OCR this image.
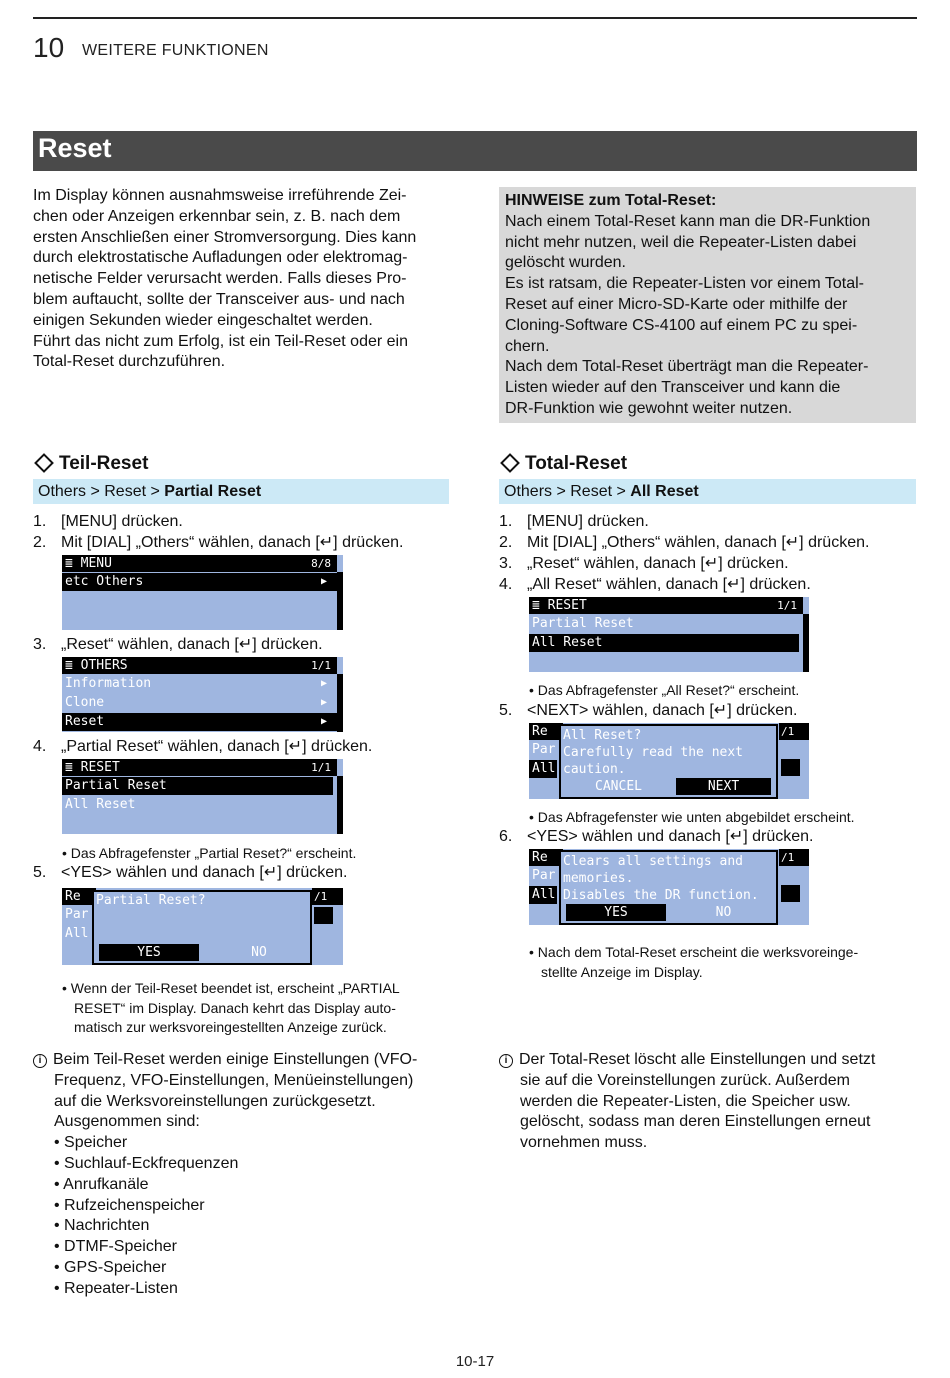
10 WEITERE FUNKTIONEN
Reset
Im Display können ausnahmsweise irreführende Zei-
chen oder Anzeigen erkennbar sein, z. B. nach dem
ersten Anschließen einer Stromversorgung. Dies kann
durch elektrostatische Aufladungen oder elektromag-
netische Felder verursacht werden. Falls dieses Pro-
blem auftaucht, sollte der Transceiver aus- und nach
einigen Sekunden wieder eingeschaltet werden.
Führt das nicht zum Erfolg, ist ein Teil-Reset oder ein
Total-Reset durchzuführen.
HINWEISE zum Total-Reset:
Nach einem Total-Reset kann man die DR-Funktion
nicht mehr nutzen, weil die Repeater-Listen dabei
gelöscht wurden.
Es ist ratsam, die Repeater-Listen vor einem Total-
Reset auf einer Micro-SD-Karte oder mithilfe der
Cloning-Software CS-4100 auf einem PC zu spei-
chern.
Nach dem Total-Reset überträgt man die Repeater-
Listen wieder auf den Transceiver und kann die
DR-Funktion wie gewohnt weiter nutzen.
Teil-Reset
Others > Reset > Partial Reset
1. [MENU] drücken.
2. Mit [DIAL] „Others“ wählen, danach [↵] drücken.
≣ MENU	8/8
etc Others	▶
3. „Reset“ wählen, danach [↵] drücken.
≣ OTHERS	1/1
Information	▶
Clone	▶
Reset	▶
4. „Partial Reset“ wählen, danach [↵] drücken.
≣ RESET	1/1
Partial Reset
All Reset
• Das Abfragefenster „Partial Reset?“ erscheint.
5. <YES> wählen und danach [↵] drücken.
Re
Par
All
/1
Partial Reset?
YES	NO
• Wenn der Teil-Reset beendet ist, erscheint „PARTIAL
RESET“ im Display. Danach kehrt das Display auto-
matisch zur werksvoreingestellten Anzeige zurück.
i Beim Teil-Reset werden einige Einstellungen (VFO-
Frequenz, VFO-Einstellungen, Menüeinstellungen)
auf die Werksvoreinstellungen zurückgesetzt.
Ausgenommen sind:
• Speicher
• Suchlauf-Eckfrequenzen
• Anrufkanäle
• Rufzeichenspeicher
• Nachrichten
• DTMF-Speicher
• GPS-Speicher
• Repeater-Listen
Total-Reset
Others > Reset > All Reset
1. [MENU] drücken.
2. Mit [DIAL] „Others“ wählen, danach [↵] drücken.
3. „Reset“ wählen, danach [↵] drücken.
4. „All Reset“ wählen, danach [↵] drücken.
≣ RESET	1/1
Partial Reset
All Reset
• Das Abfragefenster „All Reset?“ erscheint.
5. <NEXT> wählen, danach [↵] drücken.
Re
Par
All
/1
All Reset?
Carefully read the next
caution.
CANCEL	NEXT
• Das Abfragefenster wie unten abgebildet erscheint.
6. <YES> wählen und danach [↵] drücken.
Re
Par
All
/1
Clears all settings and
memories.
Disables the DR function.
YES	NO
• Nach dem Total-Reset erscheint die werksvoreinge-
stellte Anzeige im Display.
i Der Total-Reset löscht alle Einstellungen und setzt
sie auf die Voreinstellungen zurück. Außerdem
werden die Repeater-Listen, die Speicher usw.
gelöscht, sodass man deren Einstellungen erneut
vornehmen muss.
10-17
